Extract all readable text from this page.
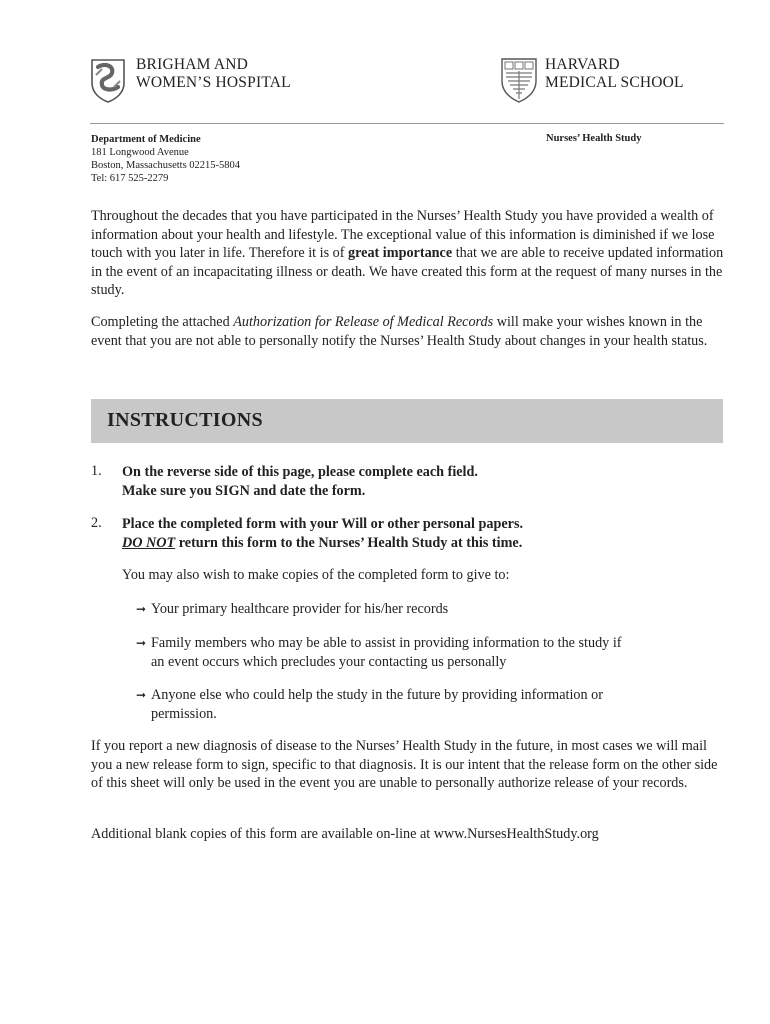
BRIGHAM AND
WOMEN’S HOSPITAL
HARVARD
MEDICAL SCHOOL
Department of Medicine
181 Longwood Avenue
Boston, Massachusetts 02215-5804
Tel: 617 525-2279
Nurses’ Health Study
Throughout the decades that you have participated in the Nurses’ Health Study you have provided a wealth of information about your health and lifestyle. The exceptional value of this information is diminished if we lose touch with you later in life. Therefore it is of great importance that we are able to receive updated information in the event of an incapacitating illness or death. We have created this form at the request of many nurses in the study.
Completing the attached Authorization for Release of Medical Records will make your wishes known in the event that you are not able to personally notify the Nurses’ Health Study about changes in your health status.
INSTRUCTIONS
1. On the reverse side of this page, please complete each field.
Make sure you SIGN and date the form.
2. Place the completed form with your Will or other personal papers.
DO NOT return this form to the Nurses’ Health Study at this time.
You may also wish to make copies of the completed form to give to:
➞ Your primary healthcare provider for his/her records
➞ Family members who may be able to assist in providing information to the study if
an event occurs which precludes your contacting us personally
➞ Anyone else who could help the study in the future by providing information or
permission.
If you report a new diagnosis of disease to the Nurses’ Health Study in the future, in most cases we will mail you a new release form to sign, specific to that diagnosis. It is our intent that the release form on the other side of this sheet will only be used in the event you are unable to personally authorize release of your records.
Additional blank copies of this form are available on-line at www.NursesHealthStudy.org
